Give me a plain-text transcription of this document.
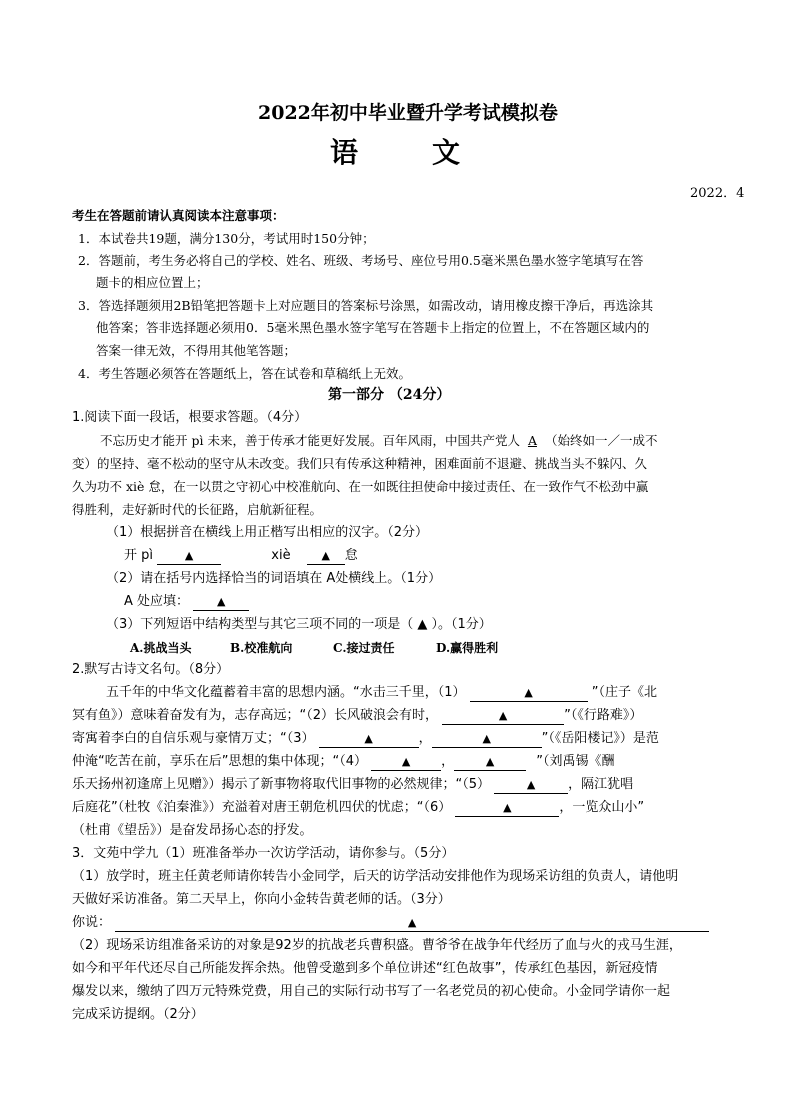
2022年初中毕业暨升学考试模拟卷
语	文
2022．4
考生在答题前请认真阅读本注意事项：
1．本试卷共19题，满分130分，考试用时150分钟；
2．答题前，考生务必将自己的学校、姓名、班级、考场号、座位号用0.5毫米黑色墨水签字笔填写在答
题卡的相应位置上；
3．答选择题须用2B铅笔把答题卡上对应题目的答案标号涂黑，如需改动，请用橡皮擦干净后，再选涂其
他答案；答非选择题必须用0．5毫米黑色墨水签字笔写在答题卡上指定的位置上，不在答题区域内的
答案一律无效，不得用其他笔答题；
4．考生答题必须答在答题纸上，答在试卷和草稿纸上无效。
第一部分 （24分）
1.阅读下面一段话，根要求答题。（4分）
不忘历史才能开 pì 未来，善于传承才能更好发展。百年风雨，中国共产党人 A （始终如一／一成不
变）的坚持、毫不松动的坚守从未改变。我们只有传承这种精神，困难面前不退避、挑战当头不躲闪、久
久为功不 xiè 怠，在一以贯之守初心中校准航向、在一如既往担使命中接过责任、在一致作气不松劲中赢
得胜利，走好新时代的长征路，启航新征程。
（1）根据拼音在横线上用正楷写出相应的汉字。（2分）
开 pì	▲	xiè	▲ 怠
（2）请在括号内选择恰当的词语填在 A处横线上。（1分）
A 处应填：	▲
（3）下列短语中结构类型与其它三项不同的一项是（ ▲ ）。（1分）
A.挑战当头	B.校准航向	C.接过责任	D.赢得胜利
2.默写古诗文名句。（8分）
五千年的中华文化蕴蓄着丰富的思想内涵。“水击三千里，（1）	▲	”（庄子《北
冥有鱼》）意味着奋发有为，志存高远；“（2）长风破浪会有时，	▲	”（《行路难》）
寄寓着李白的自信乐观与豪情万丈；“（3）	▲	，	▲	”（《岳阳楼记》）是范
仲淹“吃苦在前，享乐在后”思想的集中体现；“（4）	▲ ，	▲	”（刘禹锡《酬
乐天扬州初逢席上见赠》）揭示了新事物将取代旧事物的必然规律；“（5）	▲	，隔江犹唱
后庭花”（杜牧《泊秦淮》）充溢着对唐王朝危机四伏的忧虑；“（6）	▲	，一览众山小”
（杜甫《望岳》）是奋发昂扬心态的抒发。
3．文苑中学九（1）班准备举办一次访学活动，请你参与。（5分）
（1）放学时，班主任黄老师请你转告小金同学，后天的访学活动安排他作为现场采访组的负责人，请他明
天做好采访准备。第二天早上，你向小金转告黄老师的话。（3分）
你说：	▲
（2）现场采访组准备采访的对象是92岁的抗战老兵曹积盛。曹爷爷在战争年代经历了血与火的戎马生涯，
如今和平年代还尽自己所能发挥余热。他曾受邀到多个单位讲述“红色故事”，传承红色基因，新冠疫情
爆发以来，缴纳了四万元特殊党费，用自己的实际行动书写了一名老党员的初心使命。小金同学请你一起
完成采访提纲。（2分）
